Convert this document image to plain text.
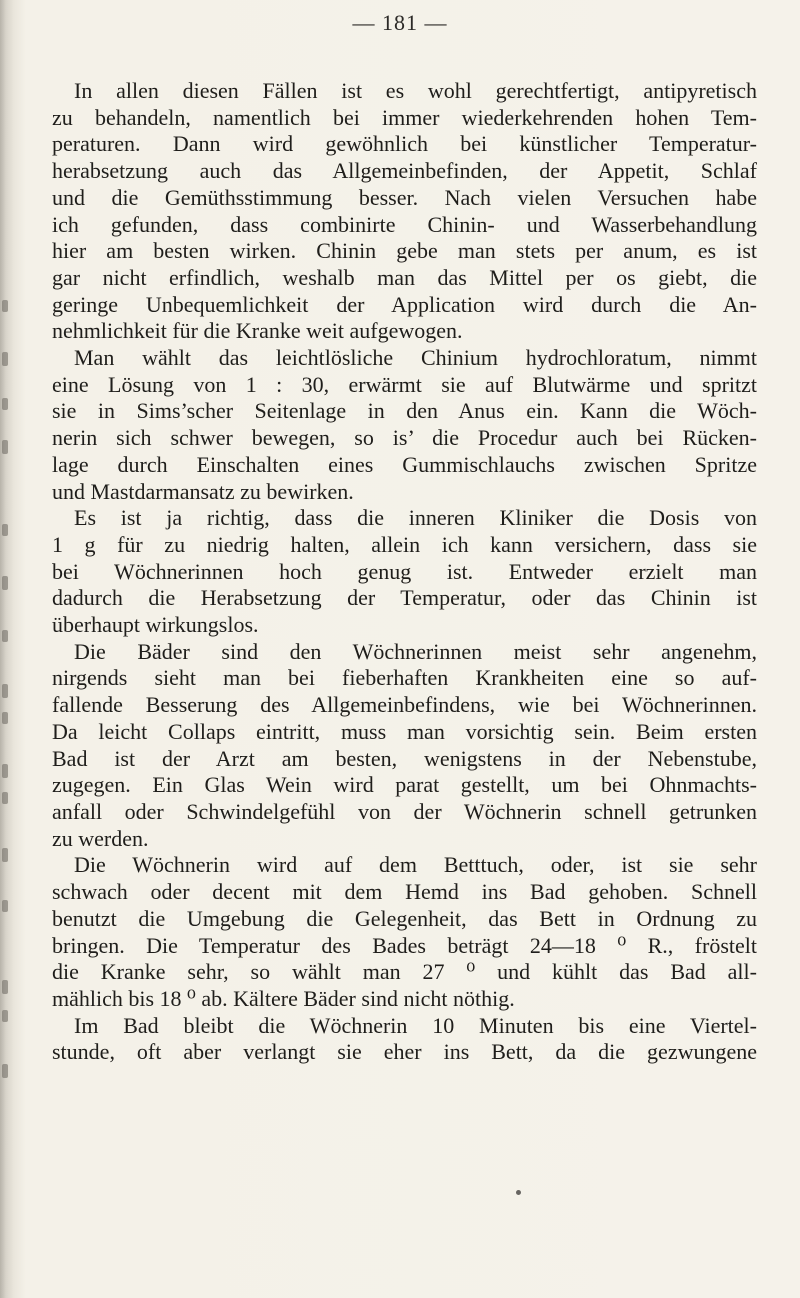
— 181 —

In allen diesen Fällen ist es wohl gerechtfertigt, antipyretisch
zu behandeln, namentlich bei immer wiederkehrenden hohen Tem-
peraturen. Dann wird gewöhnlich bei künstlicher Temperatur-
herabsetzung auch das Allgemeinbefinden, der Appetit, Schlaf
und die Gemüthsstimmung besser. Nach vielen Versuchen habe
ich gefunden, dass combinirte Chinin- und Wasserbehandlung
hier am besten wirken. Chinin gebe man stets per anum, es ist
gar nicht erfindlich, weshalb man das Mittel per os giebt, die
geringe Unbequemlichkeit der Application wird durch die An-
nehmlichkeit für die Kranke weit aufgewogen.

Man wählt das leichtlösliche Chinium hydrochloratum, nimmt
eine Lösung von 1 : 30, erwärmt sie auf Blutwärme und spritzt
sie in Sims’scher Seitenlage in den Anus ein. Kann die Wöch-
nerin sich schwer bewegen, so is’ die Procedur auch bei Rücken-
lage durch Einschalten eines Gummischlauchs zwischen Spritze
und Mastdarmansatz zu bewirken.

Es ist ja richtig, dass die inneren Kliniker die Dosis von
1 g für zu niedrig halten, allein ich kann versichern, dass sie
bei Wöchnerinnen hoch genug ist. Entweder erzielt man
dadurch die Herabsetzung der Temperatur, oder das Chinin ist
überhaupt wirkungslos.

Die Bäder sind den Wöchnerinnen meist sehr angenehm,
nirgends sieht man bei fieberhaften Krankheiten eine so auf-
fallende Besserung des Allgemeinbefindens, wie bei Wöchnerinnen.
Da leicht Collaps eintritt, muss man vorsichtig sein. Beim ersten
Bad ist der Arzt am besten, wenigstens in der Nebenstube,
zugegen. Ein Glas Wein wird parat gestellt, um bei Ohnmachts-
anfall oder Schwindelgefühl von der Wöchnerin schnell getrunken
zu werden.

Die Wöchnerin wird auf dem Betttuch, oder, ist sie sehr
schwach oder decent mit dem Hemd ins Bad gehoben. Schnell
benutzt die Umgebung die Gelegenheit, das Bett in Ordnung zu
bringen. Die Temperatur des Bades beträgt 24—18 ⁰ R., fröstelt
die Kranke sehr, so wählt man 27 ⁰ und kühlt das Bad all-
mählich bis 18 ⁰ ab. Kältere Bäder sind nicht nöthig.

Im Bad bleibt die Wöchnerin 10 Minuten bis eine Viertel-
stunde, oft aber verlangt sie eher ins Bett, da die gezwungene
